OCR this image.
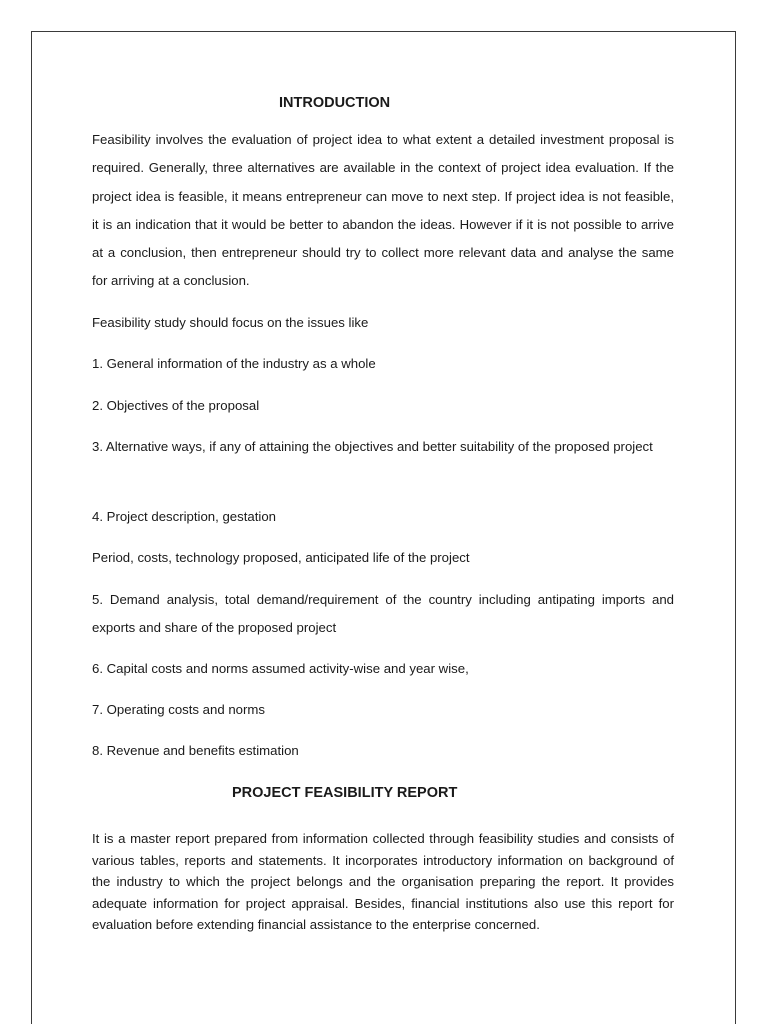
INTRODUCTION

Feasibility involves the evaluation of project idea to what extent a detailed investment proposal is required. Generally, three alternatives are available in the context of project idea evaluation. If the project idea is feasible, it means entrepreneur can move to next step. If project idea is not feasible, it is an indication that it would be better to abandon the ideas. However if it is not possible to arrive at a conclusion, then entrepreneur should try to collect more relevant data and analyse the same for arriving at a conclusion.

Feasibility study should focus on the issues like

1. General information of the industry as a whole

2. Objectives of the proposal

3. Alternative ways, if any of attaining the objectives and better suitability of the proposed project

4. Project description, gestation

Period, costs, technology proposed, anticipated life of the project

5. Demand analysis, total demand/requirement of the country including antipating imports and exports and share of the proposed project

6. Capital costs and norms assumed activity-wise and year wise,

7. Operating costs and norms

8. Revenue and benefits estimation

PROJECT FEASIBILITY REPORT

It is a master report prepared from information collected through feasibility studies and consists of various tables, reports and statements. It incorporates introductory information on background of the industry to which the project belongs and the organisation preparing the report. It provides adequate information for project appraisal. Besides, financial institutions also use this report for evaluation before extending financial assistance to the enterprise concerned.
